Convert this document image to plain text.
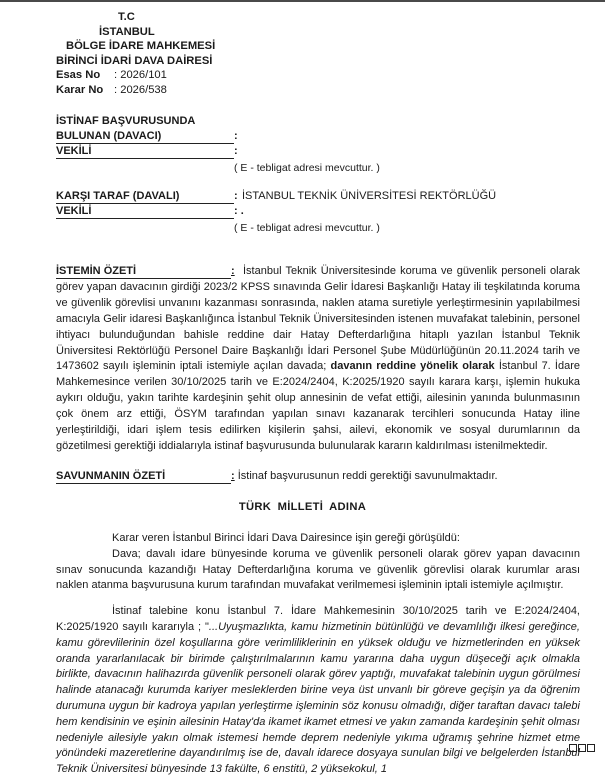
T.C
İSTANBUL
BÖLGE İDARE MAHKEMESİ
BİRİNCİ İDARİ DAVA DAİRESİ
Esas No	: 2026/101
Karar No : 2026/538
İSTİNAF BAŞVURUSUNDA
BULUNAN (DAVACI)	:
VEKİLİ	:
( E - tebligat adresi mevcuttur. )
KARŞI TARAF (DAVALI)	: İSTANBUL TEKNİK ÜNİVERSİTESİ REKTÖRLÜĞÜ
VEKİLİ	: .
( E - tebligat adresi mevcuttur. )
İSTEMİN ÖZETİ	: İstanbul Teknik Üniversitesinde koruma ve güvenlik personeli olarak görev yapan davacının girdiği 2023/2 KPSS sınavında Gelir İdaresi Başkanlığı Hatay ili teşkilatında koruma ve güvenlik görevlisi unvanını kazanması sonrasında, naklen atama suretiyle yerleştirmesinin yapılabilmesi amacıyla Gelir idaresi Başkanlığınca İstanbul Teknik Üniversitesinden istenen muvafakat talebinin, personel ihtiyacı bulunduğundan bahisle reddine dair Hatay Defterdarlığına hitaplı yazılan İstanbul Teknik Üniversitesi Rektörlüğü Personel Daire Başkanlığı İdari Personel Şube Müdürlüğünün 20.11.2024 tarih ve 1473602 sayılı işleminin iptali istemiyle açılan davada; davanın reddine yönelik olarak İstanbul 7. İdare Mahkemesince verilen 30/10/2025 tarih ve E:2024/2404, K:2025/1920 sayılı karara karşı, işlemin hukuka aykırı olduğu, yakın tarihte kardeşinin şehit olup annesinin de vefat ettiği, ailesinin yanında bulunmasının çok önem arz ettiği, ÖSYM tarafından yapılan sınavı kazanarak tercihleri sonucunda Hatay iline yerleştirildiği, idari işlem tesis edilirken kişilerin şahsi, ailevi, ekonomik ve sosyal durumlarının da gözetilmesi gerektiği iddialarıyla istinaf başvurusunda bulunularak kararın kaldırılması istenilmektedir.
SAVUNMANIN ÖZETİ	: İstinaf başvurusunun reddi gerektiği savunulmaktadır.
TÜRK MİLLETİ ADINA
Karar veren İstanbul Birinci İdari Dava Dairesince işin gereği görüşüldü:
Dava; davalı idare bünyesinde koruma ve güvenlik personeli olarak görev yapan davacının sınav sonucunda kazandığı Hatay Defterdarlığına koruma ve güvenlik görevlisi olarak kurumlar arası naklen atanma başvurusuna kurum tarafından muvafakat verilmemesi işleminin iptali istemiyle açılmıştır.
İstinaf talebine konu İstanbul 7. İdare Mahkemesinin 30/10/2025 tarih ve E:2024/2404, K:2025/1920 sayılı kararıyla ; "...Uyuşmazlıkta, kamu hizmetinin bütünlüğü ve devamlılığı ilkesi gereğince, kamu görevlilerinin özel koşullarına göre verimliliklerinin en yüksek olduğu ve hizmetlerinden en yüksek oranda yararlanılacak bir birimde çalıştırılmalarının kamu yararına daha uygun düşeceği açık olmakla birlikte, davacının halihazırda güvenlik personeli olarak görev yaptığı, muvafakat talebinin uygun görülmesi halinde atanacağı kurumda kariyer mesleklerden birine veya üst unvanlı bir göreve geçişin ya da öğrenim durumuna uygun bir kadroya yapılan yerleştirme işleminin söz konusu olmadığı, diğer taraftan davacı talebi hem kendisinin ve eşinin ailesinin Hatay'da ikamet ikamet etmesi ve yakın zamanda kardeşinin şehit olması nedeniyle ailesiyle yakın olmak istemesi hemde deprem nedeniyle yıkıma uğramış şehrine hizmet etme yönündeki mazeretlerine dayandırılmış ise de, davalı idarece dosyaya sunulan bilgi ve belgelerden İstanbul Teknik Üniversitesi bünyesinde 13 fakülte, 6 enstitü, 2 yüksekokul, 1
